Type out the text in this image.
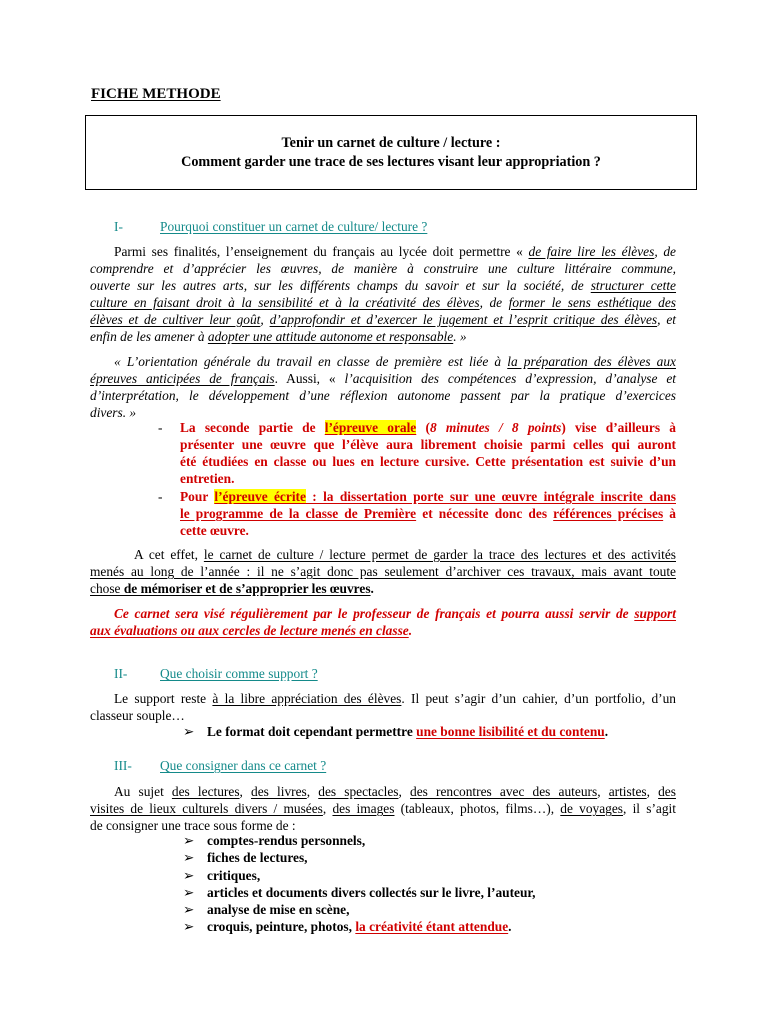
FICHE METHODE
Tenir un carnet de culture / lecture :
Comment garder une trace de ses lectures visant leur appropriation ?
I-	Pourquoi constituer un carnet de culture/ lecture ?
Parmi ses finalités, l’enseignement du français au lycée doit permettre « de faire lire les élèves, de
comprendre et d’apprécier les œuvres, de manière à construire une culture littéraire commune,
ouverte sur les autres arts, sur les différents champs du savoir et sur la société, de structurer cette
culture en faisant droit à la sensibilité et à la créativité des élèves, de former le sens esthétique des
élèves et de cultiver leur goût, d’approfondir et d’exercer le jugement et l’esprit critique des élèves, et
enfin de les amener à adopter une attitude autonome et responsable. »
« L’orientation générale du travail en classe de première est liée à la préparation des élèves aux
épreuves anticipées de français. Aussi, « l’acquisition des compétences d’expression, d’analyse et
d’interprétation, le développement d’une réflexion autonome passent par la pratique d’exercices
divers. »
- La seconde partie de l’épreuve orale (8 minutes / 8 points) vise d’ailleurs à
présenter une œuvre que l’élève aura librement choisie parmi celles qui auront
été étudiées en classe ou lues en lecture cursive. Cette présentation est suivie d’un
entretien.
- Pour l’épreuve écrite : la dissertation porte sur une œuvre intégrale inscrite dans
le programme de la classe de Première et nécessite donc des références précises à
cette œuvre.
A cet effet, le carnet de culture / lecture permet de garder la trace des lectures et des activités
menés au long de l’année : il ne s’agit donc pas seulement d’archiver ces travaux, mais avant toute
chose de mémoriser et de s’approprier les œuvres.
Ce carnet sera visé régulièrement par le professeur de français et pourra aussi servir de support
aux évaluations ou aux cercles de lecture menés en classe.
II- Que choisir comme support ?
Le support reste à la libre appréciation des élèves. Il peut s’agir d’un cahier, d’un portfolio, d’un
classeur souple…
➢ Le format doit cependant permettre une bonne lisibilité et du contenu.
III- Que consigner dans ce carnet ?
Au sujet des lectures, des livres, des spectacles, des rencontres avec des auteurs, artistes, des
visites de lieux culturels divers / musées, des images (tableaux, photos, films…), de voyages, il s’agit
de consigner une trace sous forme de :
➢ comptes-rendus personnels,
➢ fiches de lectures,
➢ critiques,
➢ articles et documents divers collectés sur le livre, l’auteur,
➢ analyse de mise en scène,
➢ croquis, peinture, photos, la créativité étant attendue.
